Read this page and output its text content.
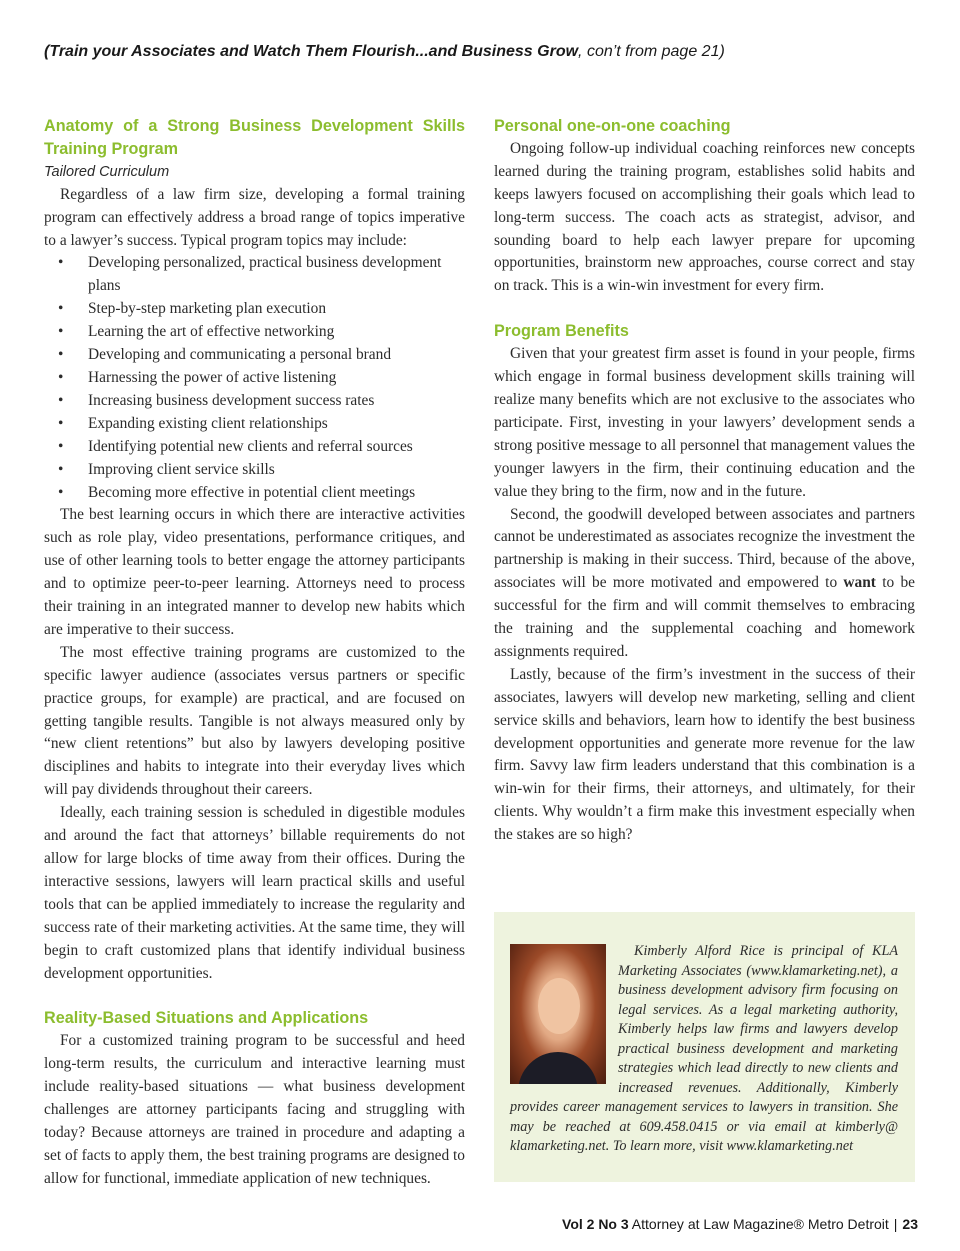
(Train your Associates and Watch Them Flourish...and Business Grow, con’t from page 21)
Anatomy of a Strong Business Development Skills Training Program
Tailored Curriculum

Regardless of a law firm size, developing a formal training program can effectively address a broad range of topics imperative to a lawyer’s success. Typical program topics may include:

• Developing personalized, practical business development plans
• Step-by-step marketing plan execution
• Learning the art of effective networking
• Developing and communicating a personal brand
• Harnessing the power of active listening
• Increasing business development success rates
• Expanding existing client relationships
• Identifying potential new clients and referral sources
• Improving client service skills
• Becoming more effective in potential client meetings

The best learning occurs in which there are interactive activities such as role play, video presentations, performance critiques, and use of other learning tools to better engage the attorney participants and to optimize peer-to-peer learning. Attorneys need to process their training in an integrated manner to develop new habits which are imperative to their success.

The most effective training programs are customized to the specific lawyer audience (associates versus partners or specific practice groups, for example) are practical, and are focused on getting tangible results. Tangible is not always measured only by “new client retentions” but also by lawyers developing positive disciplines and habits to integrate into their everyday lives which will pay dividends throughout their careers.

Ideally, each training session is scheduled in digestible modules and around the fact that attorneys’ billable requirements do not allow for large blocks of time away from their offices. During the interactive sessions, lawyers will learn practical skills and useful tools that can be applied immediately to increase the regularity and success rate of their marketing activities. At the same time, they will begin to craft customized plans that identify individual business development opportunities.

Reality-Based Situations and Applications

For a customized training program to be successful and heed long-term results, the curriculum and interactive learning must include reality-based situations — what business development challenges are attorney participants facing and struggling with today? Because attorneys are trained in procedure and adapting a set of facts to apply them, the best training programs are designed to allow for functional, immediate application of new techniques.

Personal one-on-one coaching

Ongoing follow-up individual coaching reinforces new concepts learned during the training program, establishes solid habits and keeps lawyers focused on accomplishing their goals which lead to long-term success. The coach acts as strategist, advisor, and sounding board to help each lawyer prepare for upcoming opportunities, brainstorm new approaches, course correct and stay on track. This is a win-win investment for every firm.

Program Benefits

Given that your greatest firm asset is found in your people, firms which engage in formal business development skills training will realize many benefits which are not exclusive to the associates who participate. First, investing in your lawyers’ development sends a strong positive message to all personnel that management values the younger lawyers in the firm, their continuing education and the value they bring to the firm, now and in the future.

Second, the goodwill developed between associates and partners cannot be underestimated as associates recognize the investment the partnership is making in their success. Third, because of the above, associates will be more motivated and empowered to want to be successful for the firm and will commit themselves to embracing the training and the supplemental coaching and homework assignments required.

Lastly, because of the firm’s investment in the success of their associates, lawyers will develop new marketing, selling and client service skills and behaviors, learn how to identify the best business development opportunities and generate more revenue for the law firm. Savvy law firm leaders understand that this combination is a win-win for their firms, their attorneys, and ultimately, for their clients. Why wouldn’t a firm make this investment especially when the stakes are so high?

Kimberly Alford Rice is principal of KLA Marketing Associates (www.klamarketing.net), a business development advisory firm focusing on legal services. As a legal marketing authority, Kimberly helps law firms and lawyers develop practical business development and marketing strategies which lead directly to new clients and increased revenues. Additionally, Kimberly provides career management services to lawyers in transition. She may be reached at 609.458.0415 or via email at kimberly@ klamarketing.net. To learn more, visit www.klamarketing.net

Vol 2 No 3 Attorney at Law Magazine® Metro Detroit | 23
